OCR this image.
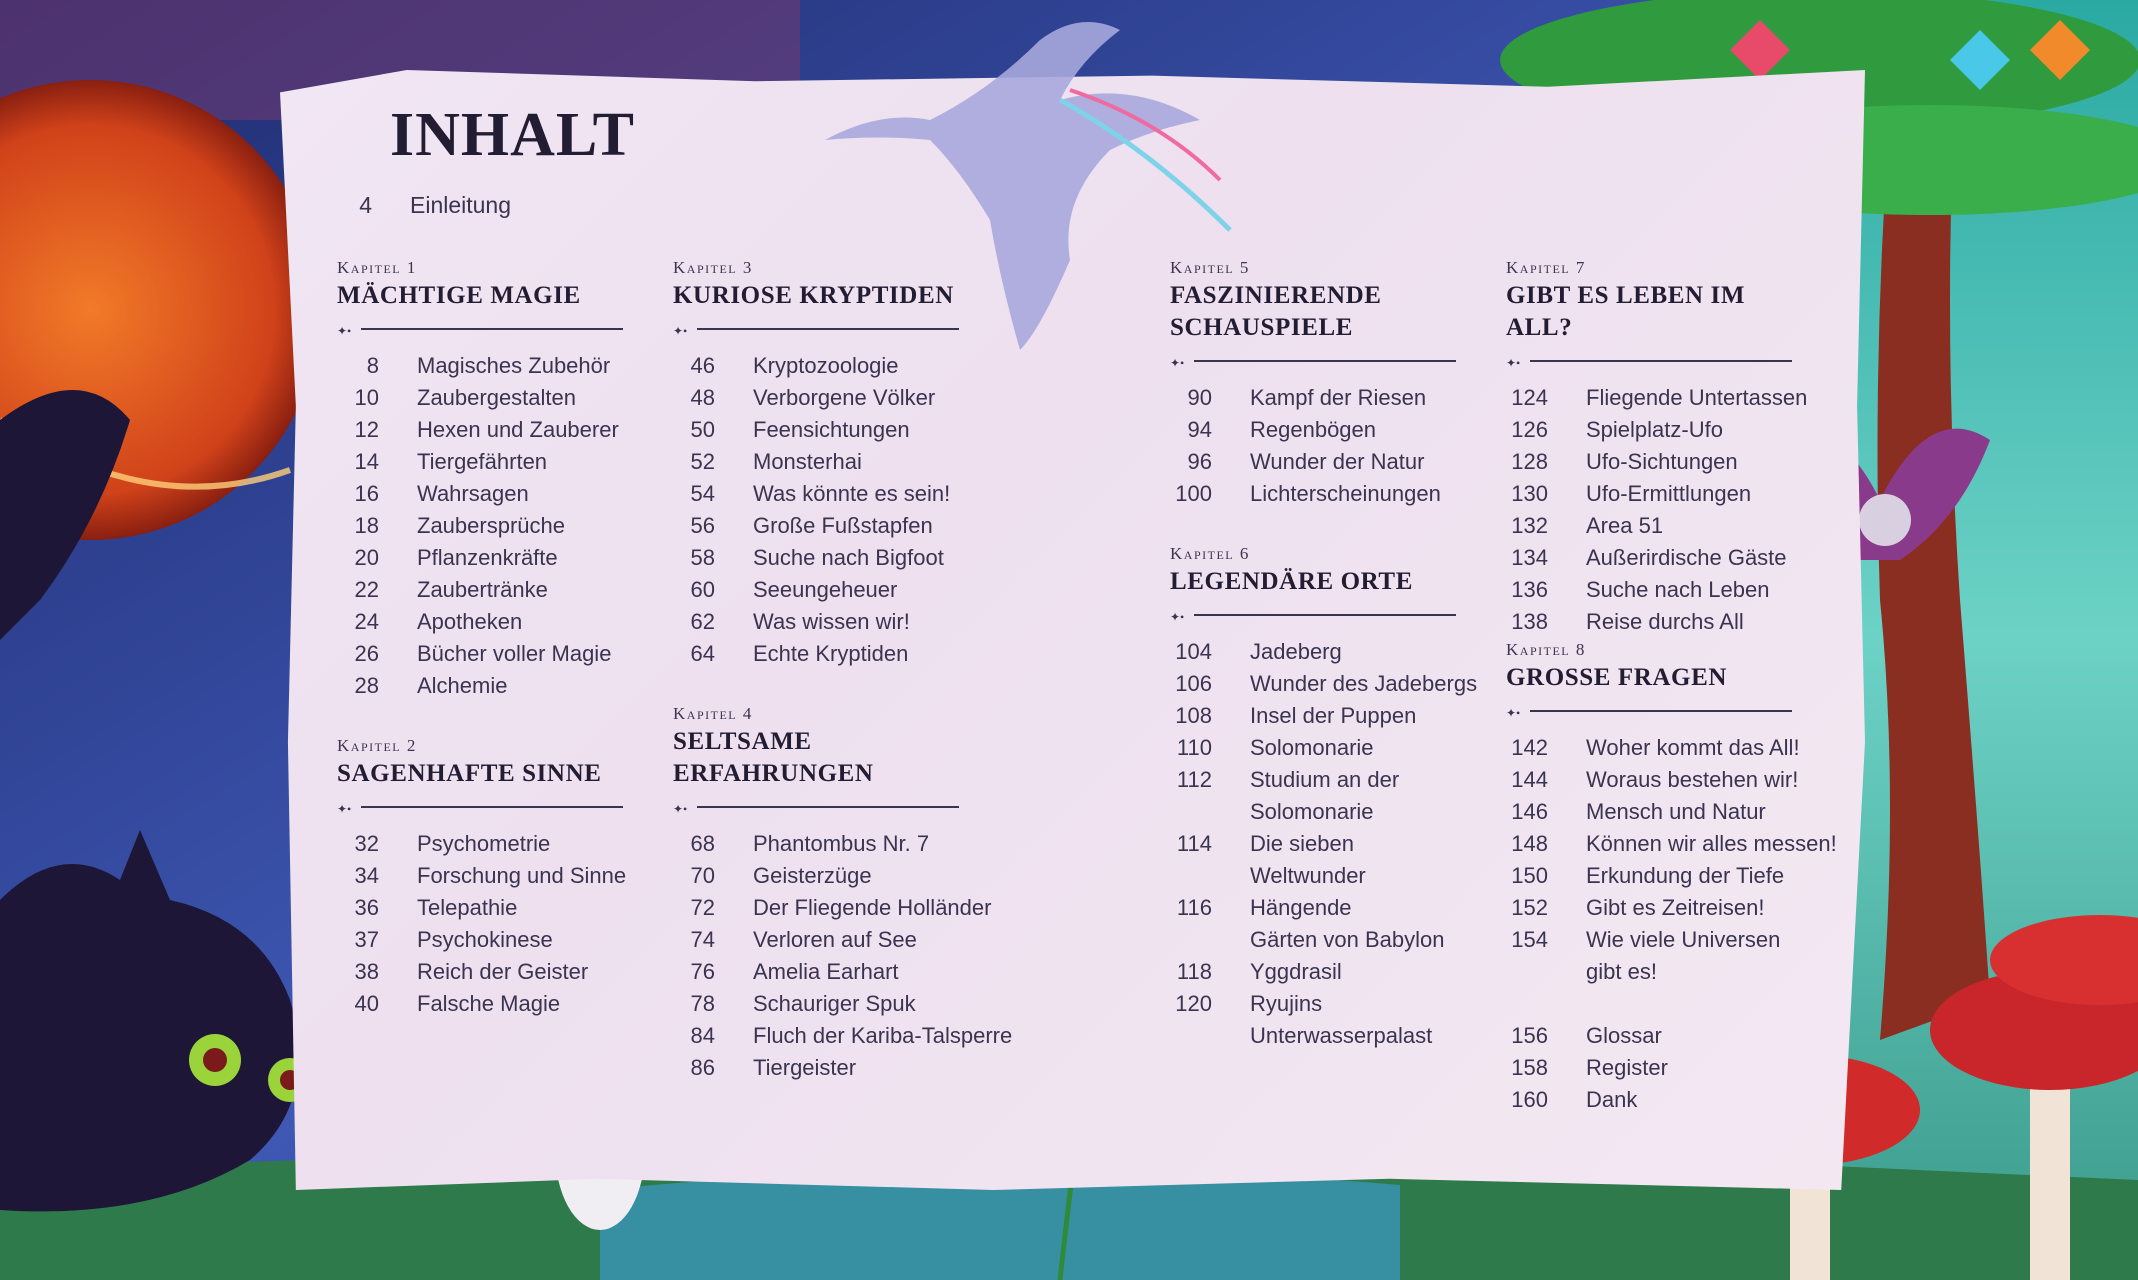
INHALT
4 Einleitung
Kapitel 1
MÄCHTIGE MAGIE
✦•
8 Magisches Zubehör
10 Zaubergestalten
12 Hexen und Zauberer
14 Tiergefährten
16 Wahrsagen
18 Zaubersprüche
20 Pflanzenkräfte
22 Zaubertränke
24 Apotheken
26 Bücher voller Magie
28 Alchemie
Kapitel 2
SAGENHAFTE SINNE
✦•
32 Psychometrie
34 Forschung und Sinne
36 Telepathie
37 Psychokinese
38 Reich der Geister
40 Falsche Magie
Kapitel 3
KURIOSE KRYPTIDEN
✦•
46 Kryptozoologie
48 Verborgene Völker
50 Feensichtungen
52 Monsterhai
54 Was könnte es sein!
56 Große Fußstapfen
58 Suche nach Bigfoot
60 Seeungeheuer
62 Was wissen wir!
64 Echte Kryptiden
Kapitel 4
SELTSAME ERFAHRUNGEN
✦•
68 Phantombus Nr. 7
70 Geisterzüge
72 Der Fliegende Holländer
74 Verloren auf See
76 Amelia Earhart
78 Schauriger Spuk
84 Fluch der Kariba-Talsperre
86 Tiergeister
Kapitel 5
FASZINIERENDE
SCHAUSPIELE
✦•
90 Kampf der Riesen
94 Regenbögen
96 Wunder der Natur
100 Lichterscheinungen
Kapitel 6
LEGENDÄRE ORTE
✦•
104 Jadeberg
106 Wunder des Jadebergs
108 Insel der Puppen
110 Solomonarie
112 Studium an der
Solomonarie
114 Die sieben
Weltwunder
116 Hängende
Gärten von Babylon
118 Yggdrasil
120 Ryujins
Unterwasserpalast
Kapitel 7
GIBT ES LEBEN IM ALL?
✦•
124 Fliegende Untertassen
126 Spielplatz-Ufo
128 Ufo-Sichtungen
130 Ufo-Ermittlungen
132 Area 51
134 Außerirdische Gäste
136 Suche nach Leben
138 Reise durchs All
Kapitel 8
GROSSE FRAGEN
✦•
142 Woher kommt das All!
144 Woraus bestehen wir!
146 Mensch und Natur
148 Können wir alles messen!
150 Erkundung der Tiefe
152 Gibt es Zeitreisen!
154 Wie viele Universen
gibt es!
156 Glossar
158 Register
160 Dank
